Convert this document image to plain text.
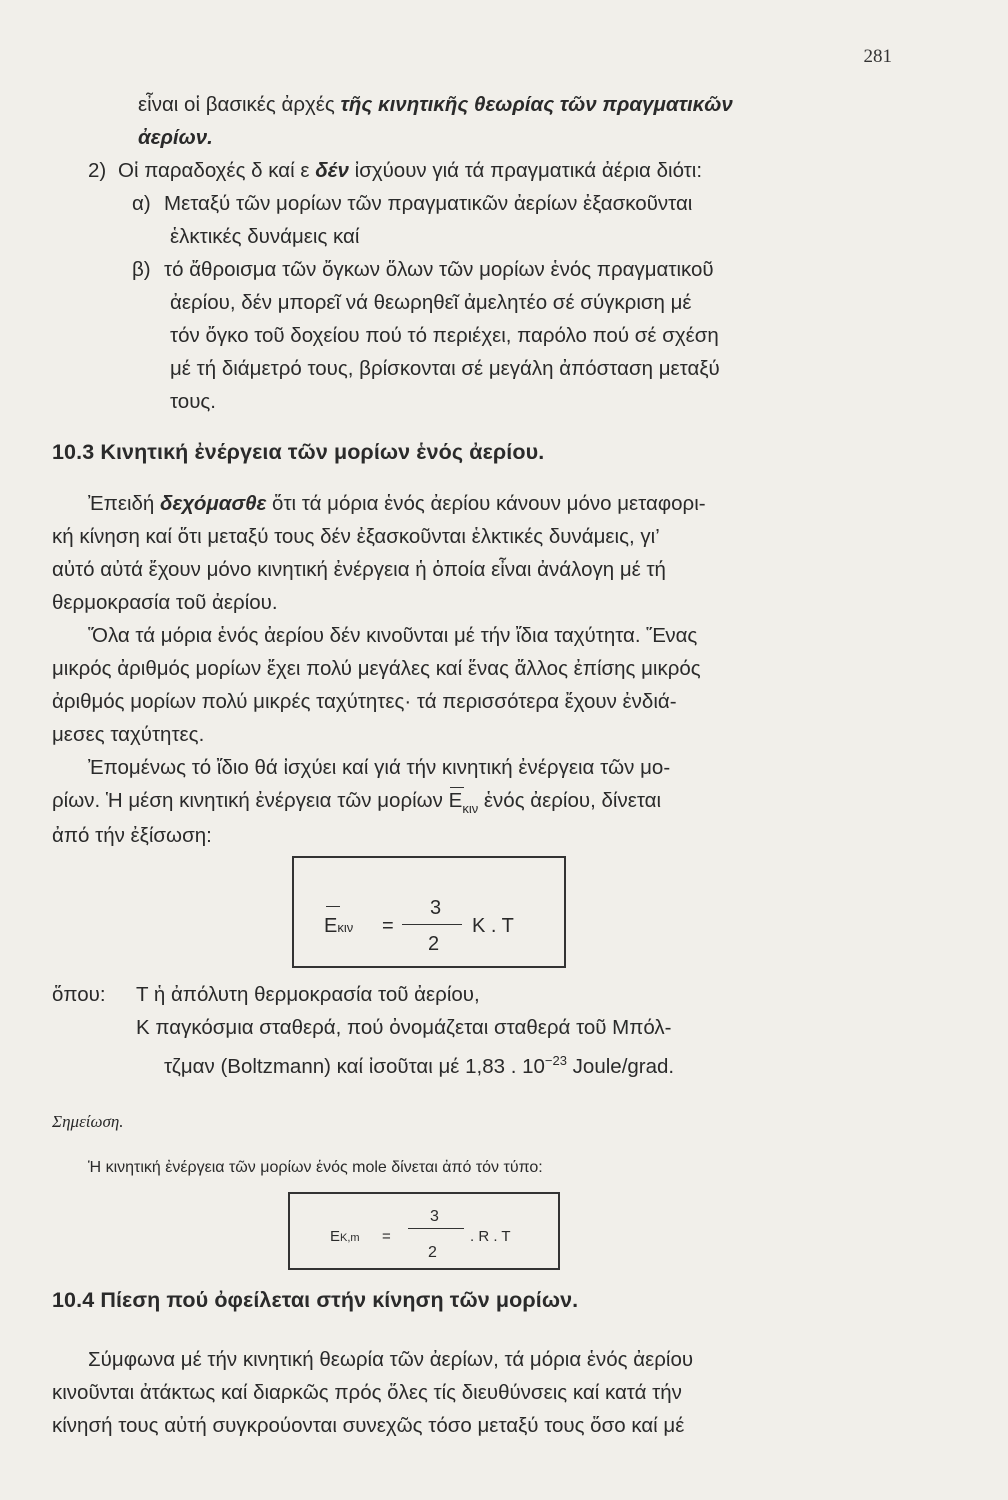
281
εἶναι οἱ βασικές ἀρχές τῆς κινητικῆς θεωρίας τῶν πραγματικῶν
ἀερίων.
2) Οἱ παραδοχές δ καί ε δέν ἰσχύουν γιά τά πραγματικά ἀέρια διότι:
α) Μεταξύ τῶν μορίων τῶν πραγματικῶν ἀερίων ἐξασκοῦνται
ἑλκτικές δυνάμεις καί
β) τό ἄθροισμα τῶν ὄγκων ὅλων τῶν μορίων ἑνός πραγματικοῦ
ἀερίου, δέν μπορεῖ νά θεωρηθεῖ ἀμελητέο σέ σύγκριση μέ
τόν ὄγκο τοῦ δοχείου πού τό περιέχει, παρόλο πού σέ σχέση
μέ τή διάμετρό τους, βρίσκονται σέ μεγάλη ἀπόσταση μεταξύ
τους.
10.3 Κινητική ἐνέργεια τῶν μορίων ἑνός ἀερίου.
Ἐπειδή δεχόμασθε ὅτι τά μόρια ἑνός ἀερίου κάνουν μόνο μεταφορι-
κή κίνηση καί ὅτι μεταξύ τους δέν ἐξασκοῦνται ἑλκτικές δυνάμεις, γι’
αὐτό αὐτά ἔχουν μόνο κινητική ἐνέργεια ἡ ὁποία εἶναι ἀνάλογη μέ τή
θερμοκρασία τοῦ ἀερίου.
Ὅλα τά μόρια ἑνός ἀερίου δέν κινοῦνται μέ τήν ἴδια ταχύτητα. Ἕνας
μικρός ἀριθμός μορίων ἔχει πολύ μεγάλες καί ἕνας ἄλλος ἐπίσης μικρός
ἀριθμός μορίων πολύ μικρές ταχύτητες· τά περισσότερα ἔχουν ἐνδιά-
μεσες ταχύτητες.
Ἐπομένως τό ἴδιο θά ἰσχύει καί γιά τήν κινητική ἐνέργεια τῶν μο-
ρίων. Ἡ μέση κινητική ἐνέργεια τῶν μορίων
$E_{\kappa\iota\nu}$ ἑνός ἀερίου, δίνεται
ἀπό τήν ἐξίσωση:
Eκιν =
3
2
K . T
ὅπου: T ἡ ἀπόλυτη θερμοκρασία τοῦ ἀερίου,
K παγκόσμια σταθερά, πού ὀνομάζεται σταθερά τοῦ Μπόλ-
τζμαν (Boltzmann) καί ἰσοῦται μέ 1,83 . $10^{-23}$ Joule/grad.
Σημείωση.
Ἡ κινητική ἐνέργεια τῶν μορίων ἑνός mole δίνεται ἀπό τόν τύπο:
EK,m =
3
2
. R . T
10.4 Πίεση πού ὀφείλεται στήν κίνηση τῶν μορίων.
Σύμφωνα μέ τήν κινητική θεωρία τῶν ἀερίων, τά μόρια ἑνός ἀερίου
κινοῦνται ἀτάκτως καί διαρκῶς πρός ὅλες τίς διευθύνσεις καί κατά τήν
κίνησή τους αὐτή συγκρούονται συνεχῶς τόσο μεταξύ τους ὅσο καί μέ
